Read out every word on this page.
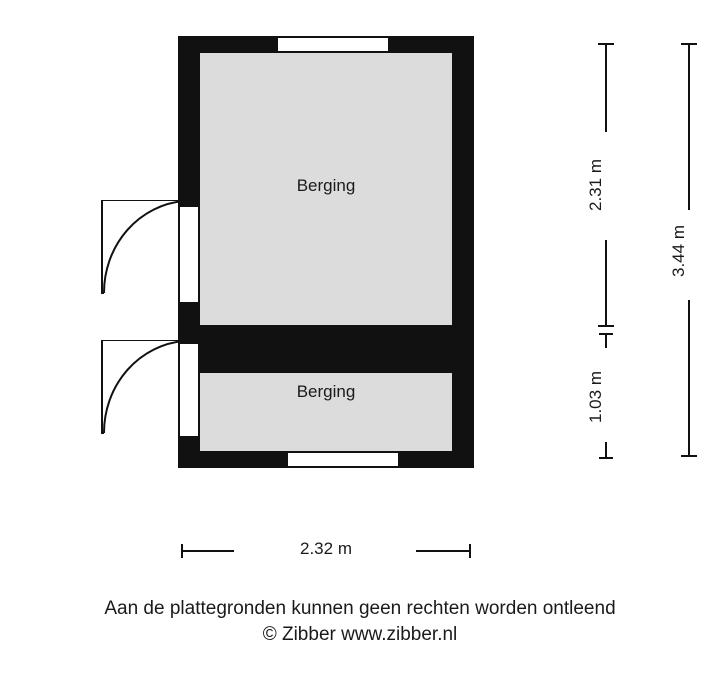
Berging
Berging
2.31 m
1.03 m
3.44 m
2.32 m
Aan de plattegronden kunnen geen rechten worden ontleend
© Zibber www.zibber.nl
